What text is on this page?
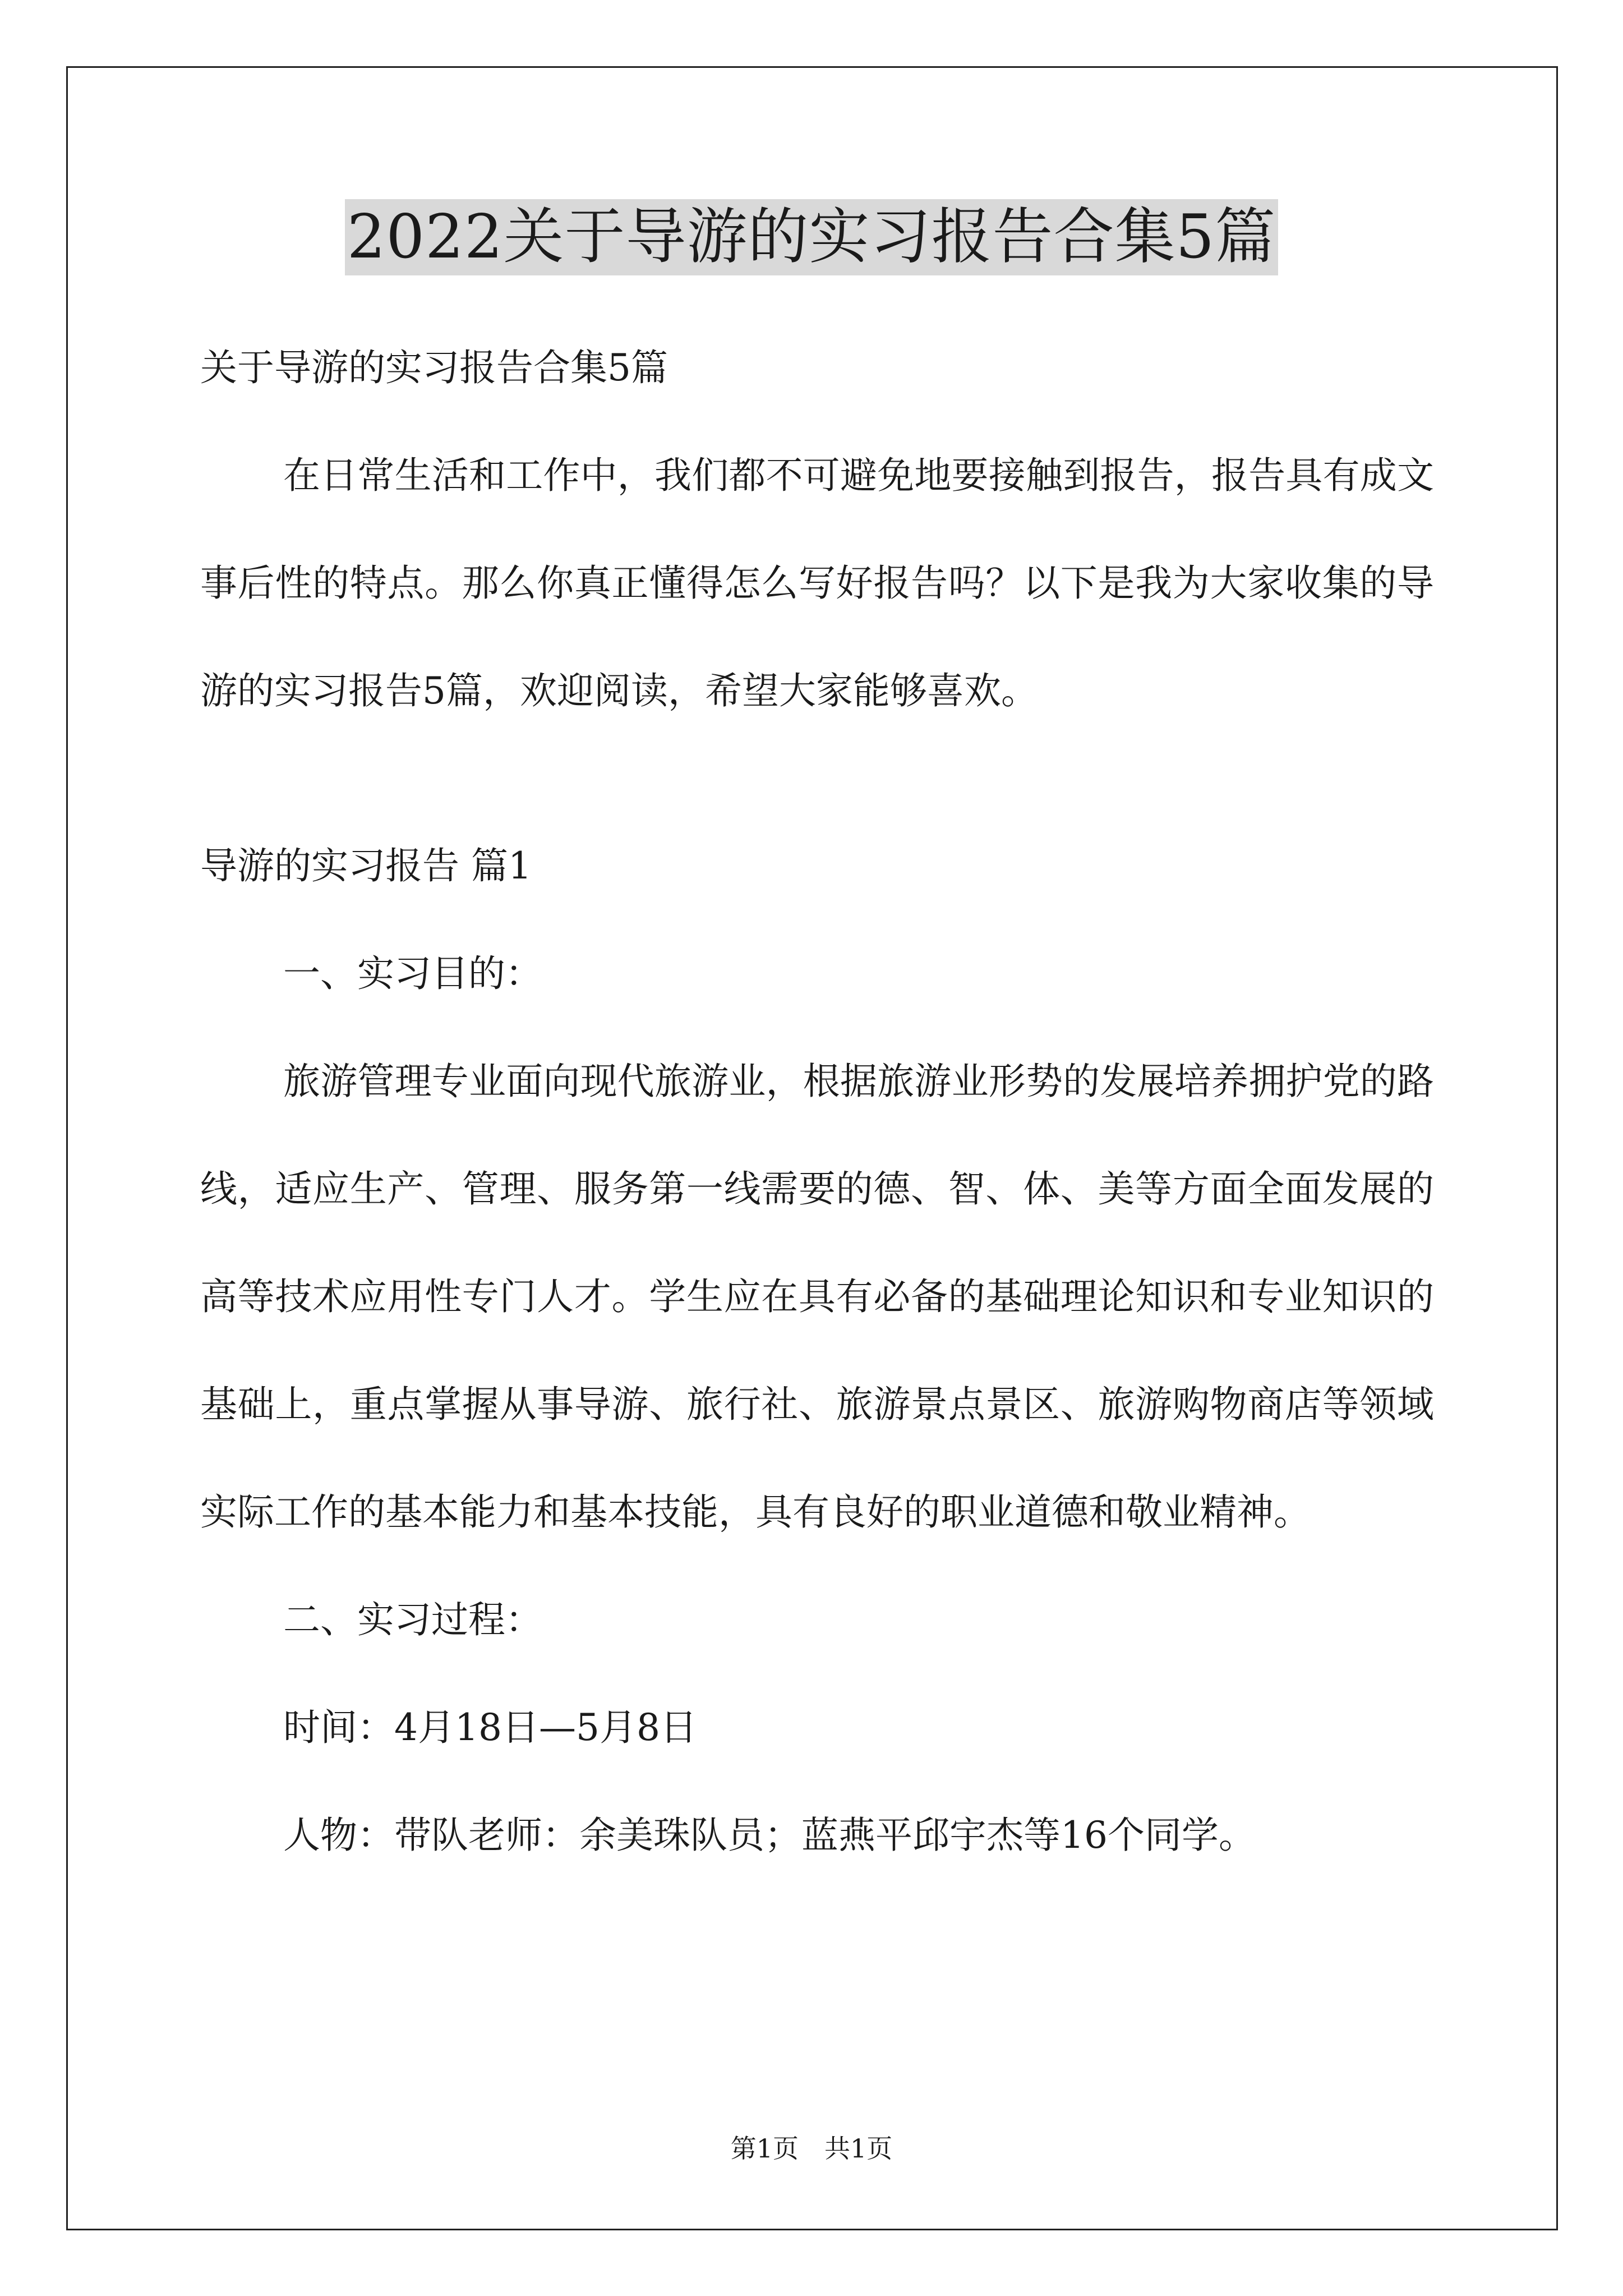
2022关于导游的实习报告合集5篇

关于导游的实习报告合集5篇

在日常生活和工作中，我们都不可避免地要接触到报告，报告具有成文事后性的特点。那么你真正懂得怎么写好报告吗？以下是我为大家收集的导游的实习报告5篇，欢迎阅读，希望大家能够喜欢。

导游的实习报告 篇1

一、实习目的：

旅游管理专业面向现代旅游业，根据旅游业形势的发展培养拥护党的路线，适应生产、管理、服务第一线需要的德、智、体、美等方面全面发展的高等技术应用性专门人才。学生应在具有必备的基础理论知识和专业知识的基础上，重点掌握从事导游、旅行社、旅游景点景区、旅游购物商店等领域实际工作的基本能力和基本技能，具有良好的职业道德和敬业精神。

二、实习过程：

时间：4月18日—5月8日

人物：带队老师：余美珠队员；蓝燕平邱宇杰等16个同学。

第1页　共1页
